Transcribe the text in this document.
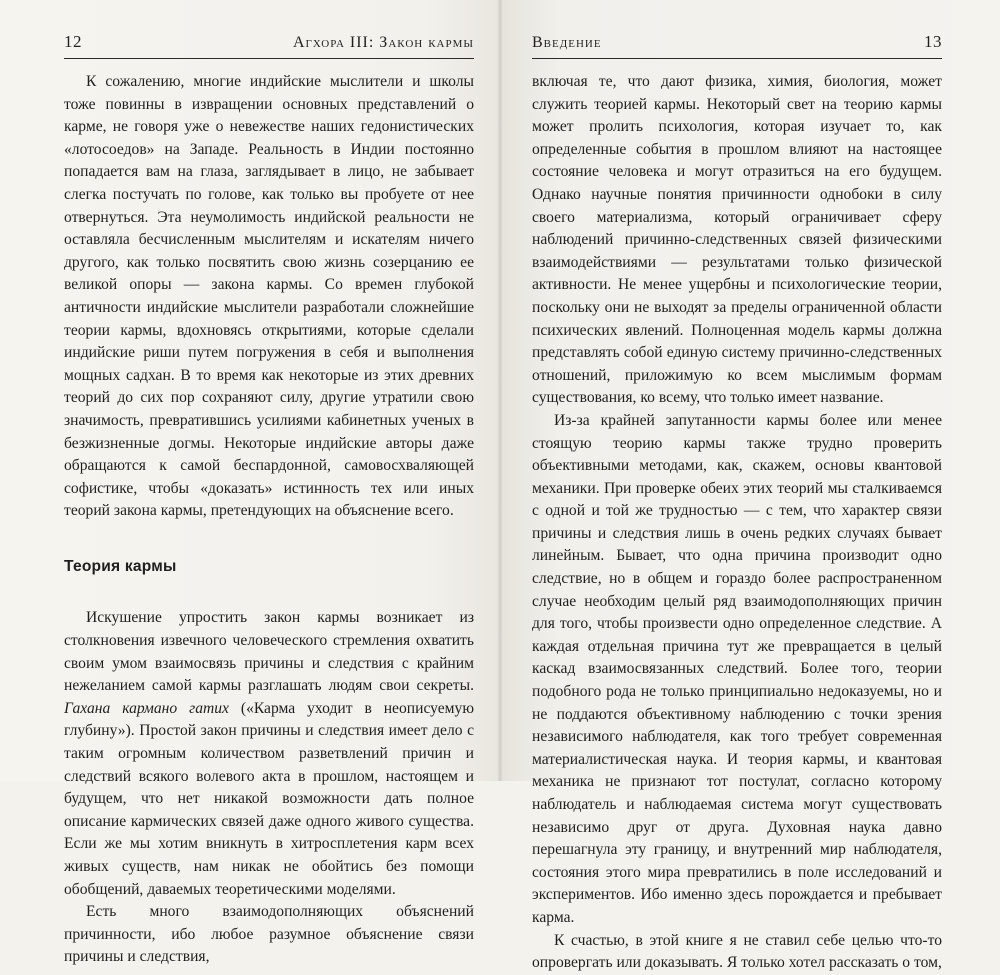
12	Агхора III: Закон кармы

К сожалению, многие индийские мыслители и школы тоже повинны в извращении основных представлений о карме, не говоря уже о невежестве наших гедонистических «лотосоедов» на Западе. Реальность в Индии постоянно попадается вам на глаза, заглядывает в лицо, не забывает слегка постучать по голове, как только вы пробуете от нее отвернуться. Эта неумолимость индийской реальности не оставляла бесчисленным мыслителям и искателям ничего другого, как только посвятить свою жизнь созерцанию ее великой опоры — закона кармы. Со времен глубокой античности индийские мыслители разработали сложнейшие теории кармы, вдохновясь открытиями, которые сделали индийские риши путем погружения в себя и выполнения мощных садхан. В то время как некоторые из этих древних теорий до сих пор сохраняют силу, другие утратили свою значимость, превратившись усилиями кабинетных ученых в безжизненные догмы. Некоторые индийские авторы даже обращаются к самой беспардонной, самовосхваляющей софистике, чтобы «доказать» истинность тех или иных теорий закона кармы, претендующих на объяснение всего.

Теория кармы

Искушение упростить закон кармы возникает из столкновения извечного человеческого стремления охватить своим умом взаимосвязь причины и следствия с крайним нежеланием самой кармы разглашать людям свои секреты. Гахана кармано гатих («Карма уходит в неописуемую глубину»). Простой закон причины и следствия имеет дело с таким огромным количеством разветвлений причин и следствий всякого волевого акта в прошлом, настоящем и будущем, что нет никакой возможности дать полное описание кармических связей даже одного живого существа. Если же мы хотим вникнуть в хитросплетения карм всех живых существ, нам никак не обойтись без помощи обобщений, даваемых теоретическими моделями.

Есть много взаимодополняющих объяснений причинности, ибо любое разумное объяснение связи причины и следствия,

Введение	13

включая те, что дают физика, химия, биология, может служить теорией кармы. Некоторый свет на теорию кармы может пролить психология, которая изучает то, как определенные события в прошлом влияют на настоящее состояние человека и могут отразиться на его будущем. Однако научные понятия причинности однобоки в силу своего материализма, который ограничивает сферу наблюдений причинно-следственных связей физическими взаимодействиями — результатами только физической активности. Не менее ущербны и психологические теории, поскольку они не выходят за пределы ограниченной области психических явлений. Полноценная модель кармы должна представлять собой единую систему причинно-следственных отношений, приложимую ко всем мыслимым формам существования, ко всему, что только имеет название.

Из-за крайней запутанности кармы более или менее стоящую теорию кармы также трудно проверить объективными методами, как, скажем, основы квантовой механики. При проверке обеих этих теорий мы сталкиваемся с одной и той же трудностью — с тем, что характер связи причины и следствия лишь в очень редких случаях бывает линейным. Бывает, что одна причина производит одно следствие, но в общем и гораздо более распространенном случае необходим целый ряд взаимодополняющих причин для того, чтобы произвести одно определенное следствие. А каждая отдельная причина тут же превращается в целый каскад взаимосвязанных следствий. Более того, теории подобного рода не только принципиально недоказуемы, но и не поддаются объективному наблюдению с точки зрения независимого наблюдателя, как того требует современная материалистическая наука. И теория кармы, и квантовая механика не признают тот постулат, согласно которому наблюдатель и наблюдаемая система могут существовать независимо друг от друга. Духовная наука давно перешагнула эту границу, и внутренний мир наблюдателя, состояния этого мира превратились в поле исследований и экспериментов. Ибо именно здесь порождается и пребывает карма.

К счастью, в этой книге я не ставил себе целью что-то опровергать или доказывать. Я только хотел рассказать о том,
